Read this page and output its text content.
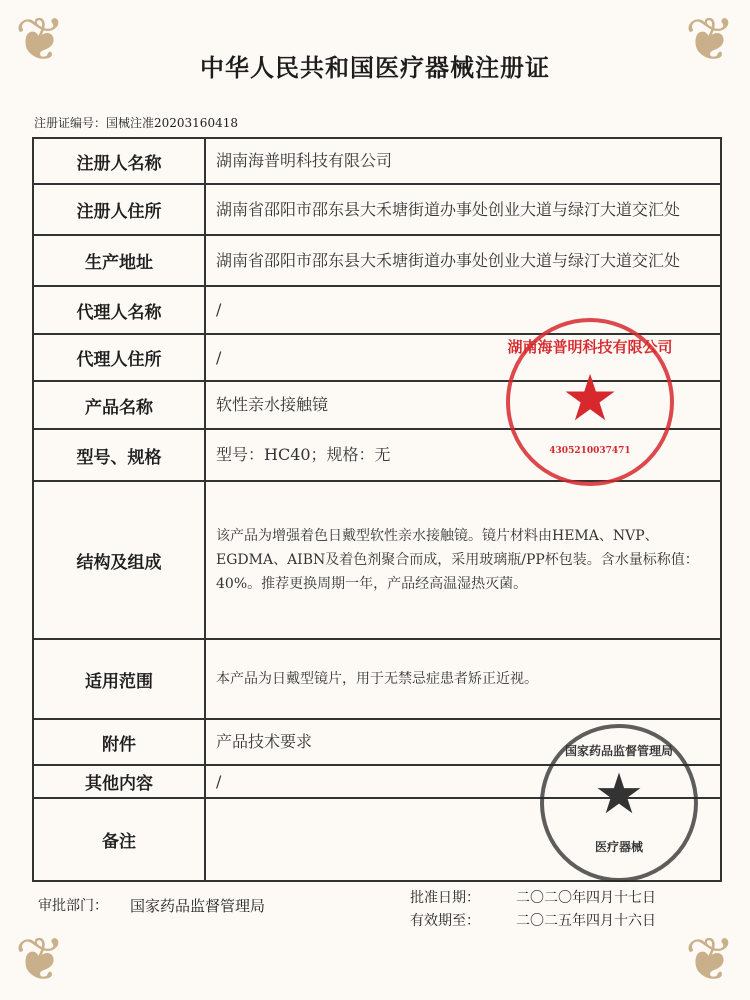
❦	❦
❦	❦
中华人民共和国医疗器械注册证
注册证编号：国械注准20203160418
注册人名称	湖南海普明科技有限公司
注册人住所	湖南省邵阳市邵东县大禾塘街道办事处创业大道与绿汀大道交汇处
生产地址	湖南省邵阳市邵东县大禾塘街道办事处创业大道与绿汀大道交汇处
代理人名称	/
代理人住所	/
产品名称	软性亲水接触镜
型号、规格	型号：HC40；规格：无
结构及组成	该产品为增强着色日戴型软性亲水接触镜。镜片材料由HEMA、NVP、EGDMA、AIBN及着色剂聚合而成，采用玻璃瓶/PP杯包装。含水量标称值：40%。推荐更换周期一年，产品经高温湿热灭菌。
适用范围	本产品为日戴型镜片，用于无禁忌症患者矫正近视。
附件	产品技术要求
其他内容	/
备注	
审批部门： 国家药品监督管理局	批准日期：	二〇二〇年四月十七日
有效期至：	二〇二五年四月十六日
湖南海普明科技有限公司
★
4305210037471
国家药品监督管理局
★
医疗器械
